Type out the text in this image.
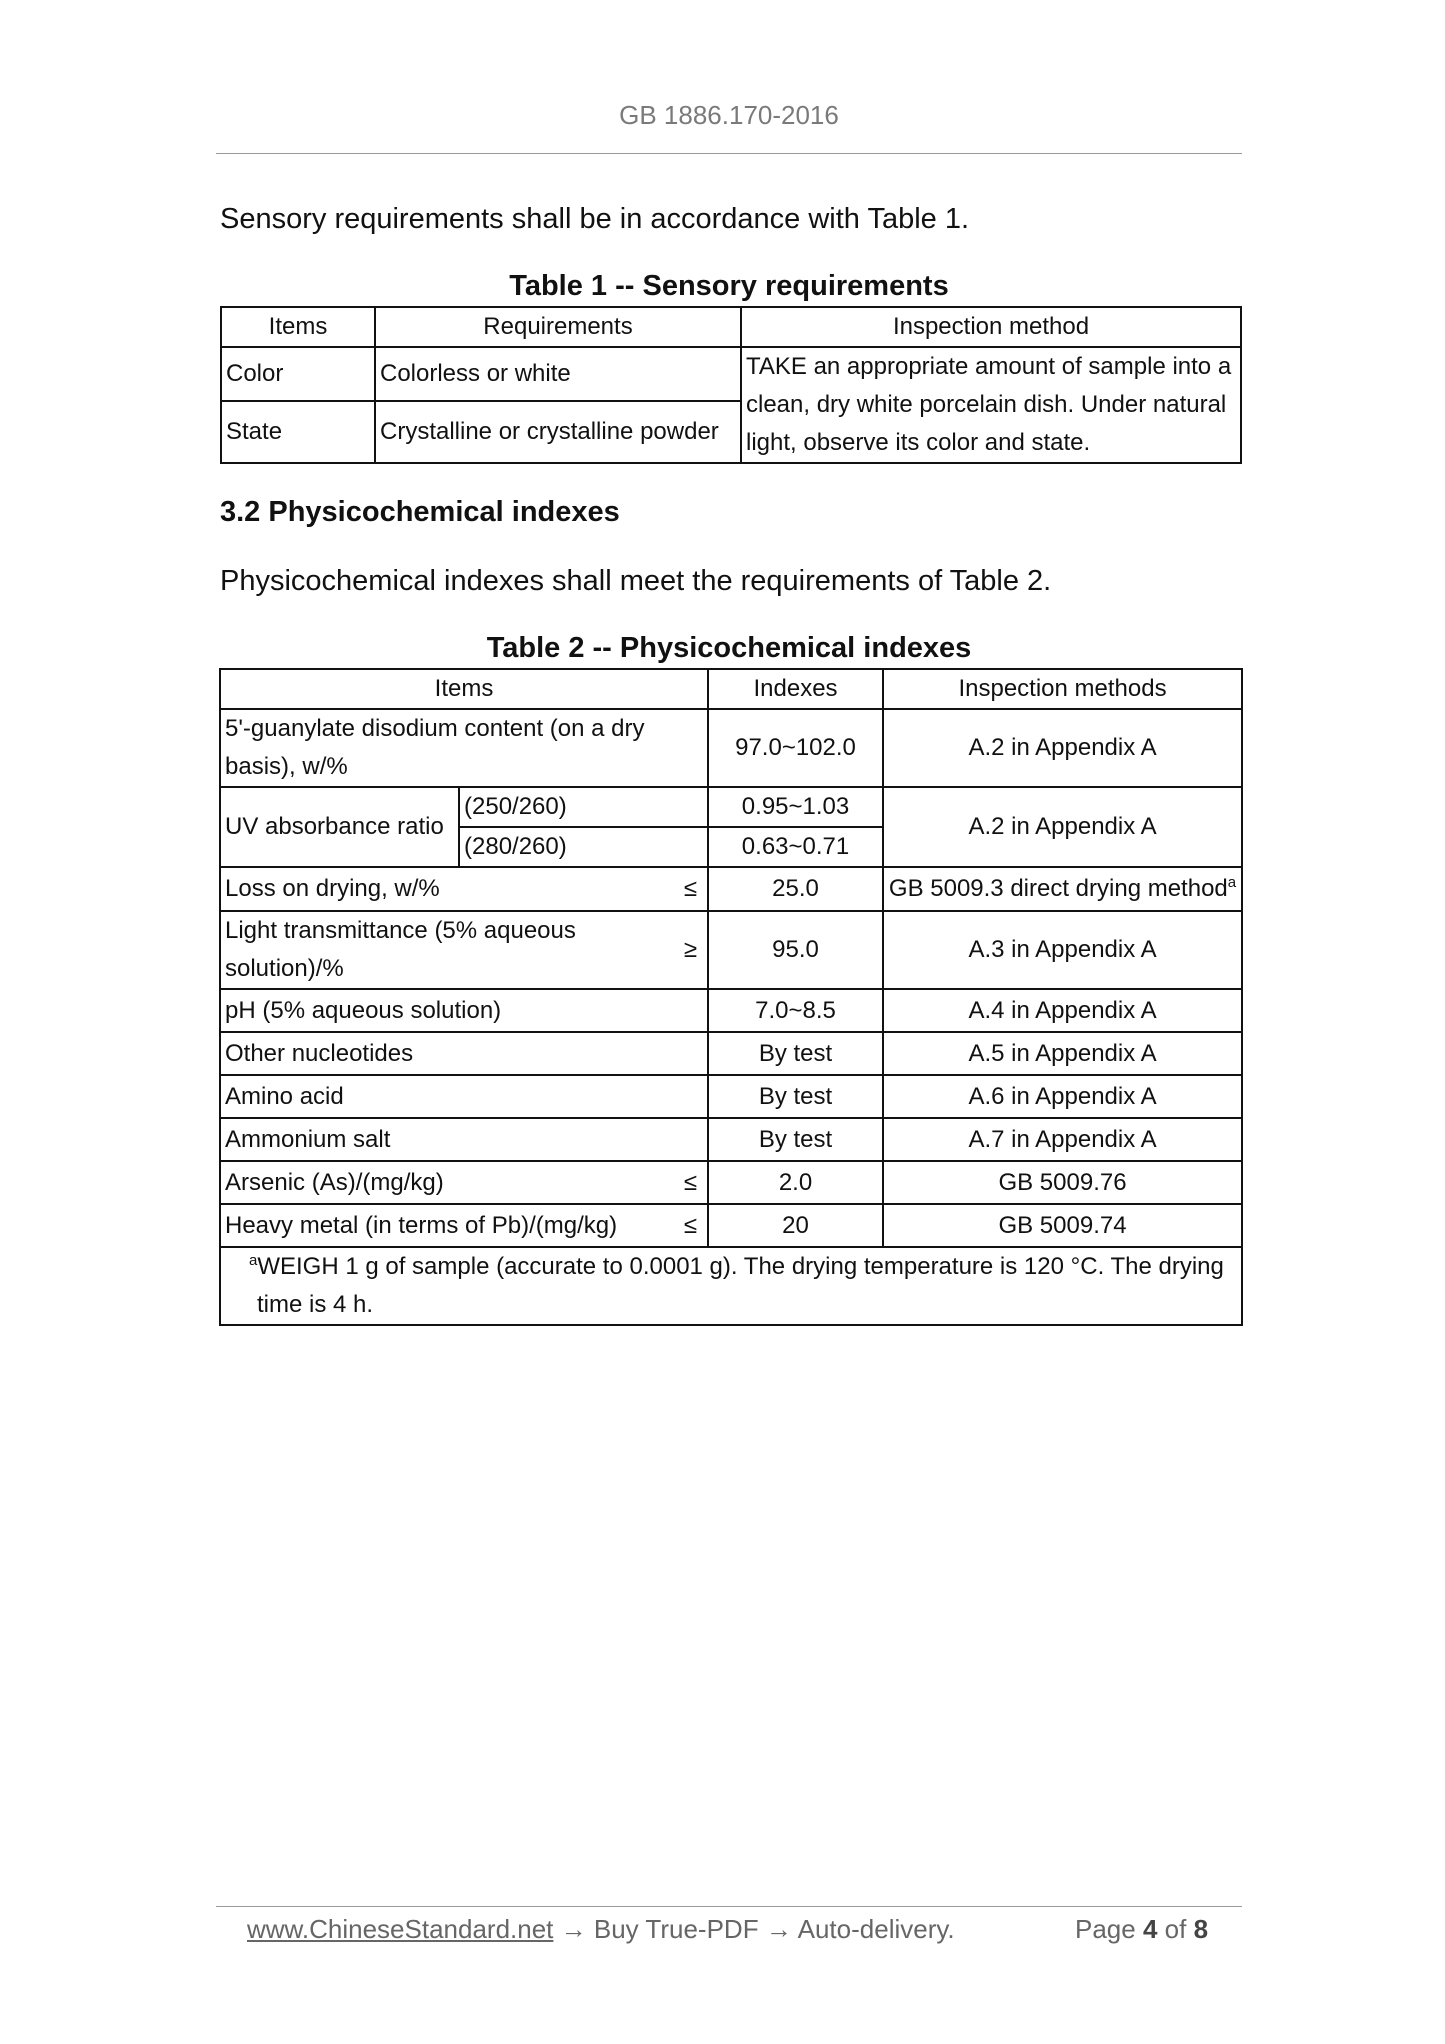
GB 1886.170-2016
Sensory requirements shall be in accordance with Table 1.
Table 1 -- Sensory requirements
Items	Requirements	Inspection method
Color	Colorless or white	TAKE an appropriate amount of sample into a clean, dry white porcelain dish. Under natural light, observe its color and state.
State	Crystalline or crystalline powder	
3.2 Physicochemical indexes
Physicochemical indexes shall meet the requirements of Table 2.
Table 2 -- Physicochemical indexes
Items			Indexes	Inspection methods
5'-guanylate disodium content (on a dry basis), w/%			97.0~102.0	A.2 in Appendix A
UV absorbance ratio	(250/260)		0.95~1.03	A.2 in Appendix A
	(280/260)		0.63~0.71	
Loss on drying, w/%		≤	25.0	GB 5009.3 direct drying method$^a$
Light transmittance (5% aqueous solution)/%		≥	95.0	A.3 in Appendix A
pH (5% aqueous solution)			7.0~8.5	A.4 in Appendix A
Other nucleotides			By test	A.5 in Appendix A
Amino acid			By test	A.6 in Appendix A
Ammonium salt			By test	A.7 in Appendix A
Arsenic (As)/(mg/kg)		≤	2.0	GB 5009.76
Heavy metal (in terms of Pb)/(mg/kg)		≤	20	GB 5009.74
$^a$WEIGH 1 g of sample (accurate to 0.0001 g). The drying temperature is 120 °C. The drying time is 4 h.				
www.ChineseStandard.net → Buy True-PDF → Auto-delivery.	Page 4 of 8
